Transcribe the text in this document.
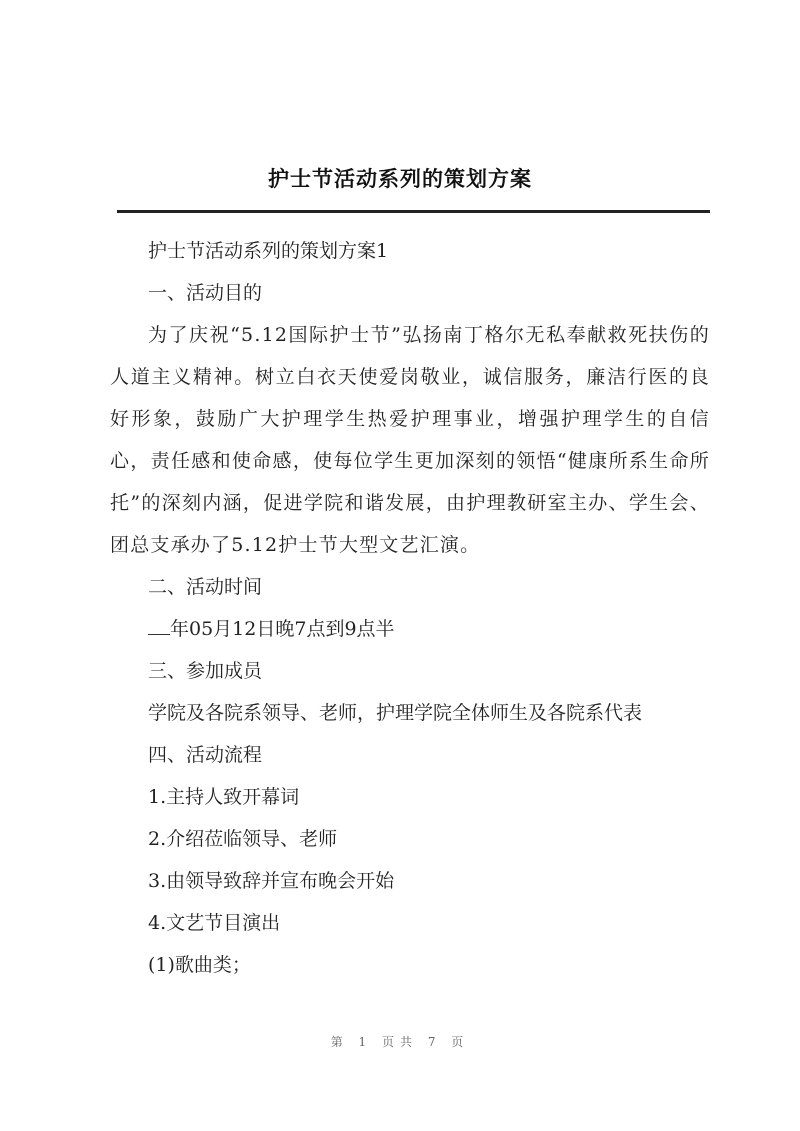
护士节活动系列的策划方案

护士节活动系列的策划方案1

一、活动目的

为了庆祝“5.12国际护士节”弘扬南丁格尔无私奉献救死扶伤的人道主义精神。树立白衣天使爱岗敬业，诚信服务，廉洁行医的良好形象，鼓励广大护理学生热爱护理事业，增强护理学生的自信心，责任感和使命感，使每位学生更加深刻的领悟“健康所系生命所托”的深刻内涵，促进学院和谐发展，由护理教研室主办、学生会、团总支承办了5.12护士节大型文艺汇演。

二、活动时间

年05月12日晚7点到9点半

三、参加成员

学院及各院系领导、老师，护理学院全体师生及各院系代表

四、活动流程

1.主持人致开幕词

2.介绍莅临领导、老师

3.由领导致辞并宣布晚会开始

4.文艺节目演出

(1)歌曲类；

第 1 页共 7 页
